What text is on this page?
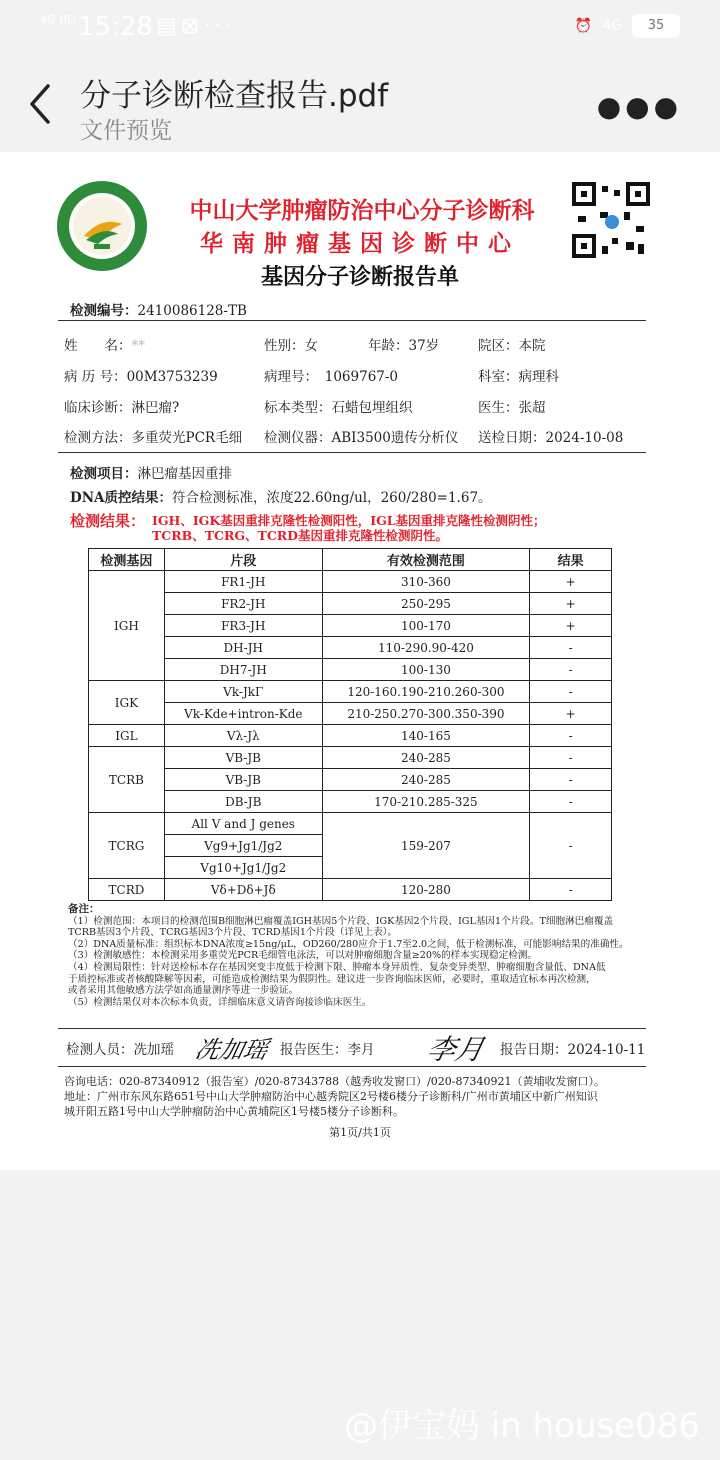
4G HD 15:28 ▤⊠···	⏰ 4G	35
分子诊断检查报告.pdf
文件预览
●●●
中山大学肿瘤防治中心分子诊断科
华南肿瘤基因诊断中心
基因分子诊断报告单
检测编号：2410086128-TB
姓　　名：**	性别：女	年龄：37岁	院区：本院
病 历 号：00M3753239	病理号：　1069767-0	科室：病理科
临床诊断：淋巴瘤?	标本类型：石蜡包埋组织	医生：张超
检测方法：多重荧光PCR毛细 检测仪器：ABI3500遗传分析仪 送检日期：2024-10-08
检测项目：淋巴瘤基因重排
DNA质控结果：符合检测标准，浓度22.60ng/ul，260/280=1.67。
检测结果： IGH、IGK基因重排克隆性检测阳性，IGL基因重排克隆性检测阴性；
TCRB、TCRG、TCRD基因重排克隆性检测阴性。
检测基因	片段	有效检测范围	结果
IGH	FR1-JH	310-360	+
	FR2-JH	250-295	+
	FR3-JH	100-170	+
	DH-JH	110-290.90-420	-
	DH7-JH	100-130	-
IGK	Vk-JkΓ	120-160.190-210.260-300	-
	Vk-Kde+intron-Kde	210-250.270-300.350-390	+
IGL	Vλ-Jλ	140-165	-
TCRB	VB-JB	240-285	-
	VB-JB	240-285	-
	DB-JB	170-210.285-325	-
TCRG	All V and J genes	159-207	-
	Vg9+Jg1/Jg2		
	Vg10+Jg1/Jg2		
TCRD	Vδ+Dδ+Jδ	120-280	-

备注：

（1）检测范围：本项目的检测范围B细胞淋巴瘤覆盖IGH基因5个片段、IGK基因2个片段、IGL基因1个片段。T细胞淋巴瘤覆盖

TCRB基因3个片段、TCRG基因3个片段、TCRD基因1个片段（详见上表）。

（2）DNA质量标准：组织标本DNA浓度≥15ng/μL，OD260/280应介于1.7至2.0之间，低于检测标准，可能影响结果的准确性。

（3）检测敏感性：本检测采用多重荧光PCR毛细管电泳法，可以对肿瘤细胞含量≥20%的样本实现稳定检测。

（4）检测局限性：针对送检标本存在基因突变丰度低于检测下限、肿瘤本身异质性、复杂变异类型、肿瘤细胞含量低、DNA低

于质控标准或者核酸降解等因素，可能造成检测结果为假阴性。建议进一步咨询临床医师，必要时，重取适宜标本再次检测，

或者采用其他敏感方法学如高通量测序等进一步验证。

（5）检测结果仅对本次标本负责，详细临床意义请咨询接诊临床医生。

检测人员：冼加瑶 冼加瑶 报告医生：李月 李月 报告日期：2024-10-11

咨询电话：020-87340912（报告室）/020-87343788（越秀收发窗口）/020-87340921（黄埔收发窗口）。

地址：广州市东风东路651号中山大学肿瘤防治中心越秀院区2号楼6楼分子诊断科/广州市黄埔区中新广州知识

城开阳五路1号中山大学肿瘤防治中心黄埔院区1号楼5楼分子诊断科。

第1页/共1页
@伊宝妈 in house086
